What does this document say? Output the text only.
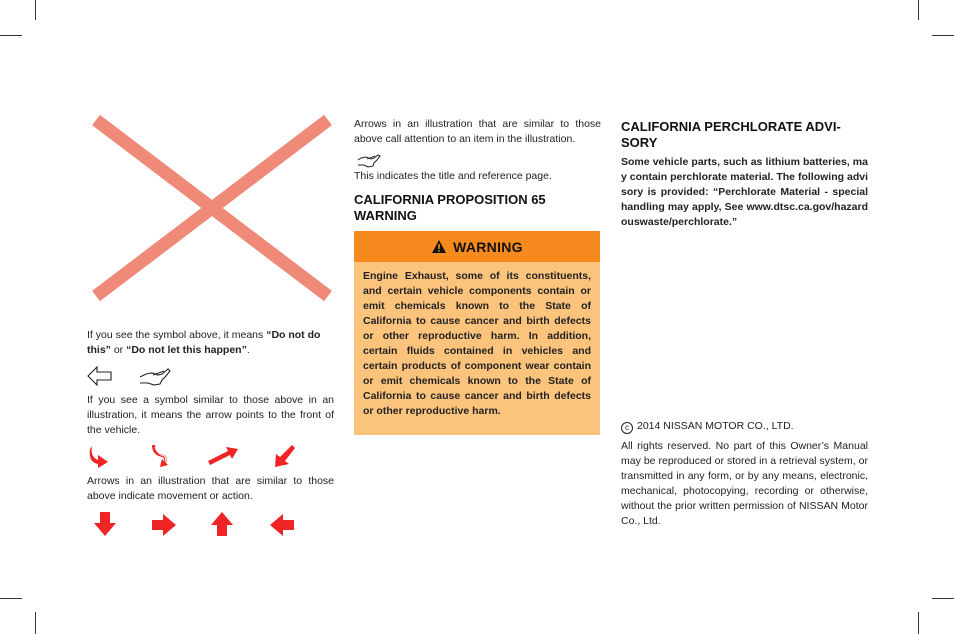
If you see the symbol above, it means “Do not do this” or “Do not let this happen”.
If you see a symbol similar to those above in an illustration, it means the arrow points to the front of the vehicle.
Arrows in an illustration that are similar to those above indicate movement or action.
Arrows in an illustration that are similar to those above call attention to an item in the illustration.
This indicates the title and reference page.
CALIFORNIA PROPOSITION 65
WARNING
WARNING
Engine Exhaust, some of its constituents, and certain vehicle components contain or emit chemicals known to the State of California to cause cancer and birth defects or other reproductive harm. In addition, certain fluids contained in vehicles and certain products of component wear contain or emit chemicals known to the State of California to cause cancer and birth defects or other reproductive harm.
CALIFORNIA PERCHLORATE ADVI-
SORY
Some vehicle parts, such as lithium batteries, may contain perchlorate material. The following advisory is provided: “Perchlorate Material - special handling may apply, See www.dtsc.ca.gov/hazardouswaste/perchlorate.”
c 2014 NISSAN MOTOR CO., LTD.
All rights reserved. No part of this Owner’s Manual may be reproduced or stored in a retrieval system, or transmitted in any form, or by any means, electronic, mechanical, photocopying, recording or otherwise, without the prior written permission of NISSAN Motor Co., Ltd.
